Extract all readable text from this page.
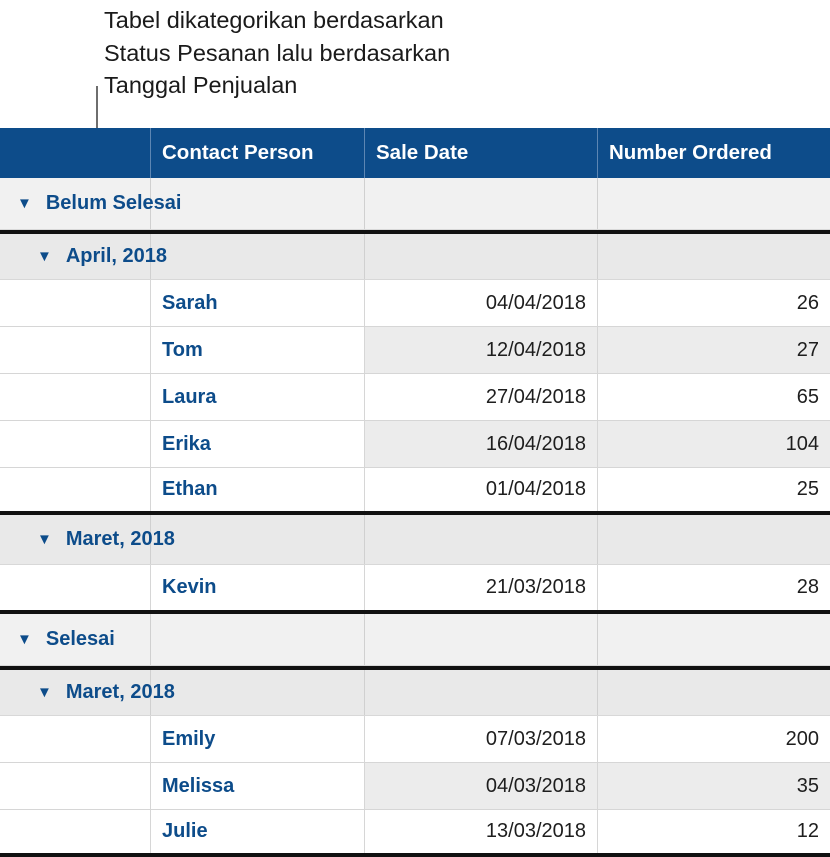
Tabel dikategorikan berdasarkan
Status Pesanan lalu berdasarkan
Tanggal Penjualan
Contact Person	Sale Date	Number Ordered
▼ Belum Selesai
▼ April, 2018
Sarah	04/04/2018	26
Tom	12/04/2018	27
Laura	27/04/2018	65
Erika	16/04/2018	104
Ethan	01/04/2018	25
▼ Maret, 2018
Kevin	21/03/2018	28
▼ Selesai
▼ Maret, 2018
Emily	07/03/2018	200
Melissa	04/03/2018	35
Julie	13/03/2018	12
